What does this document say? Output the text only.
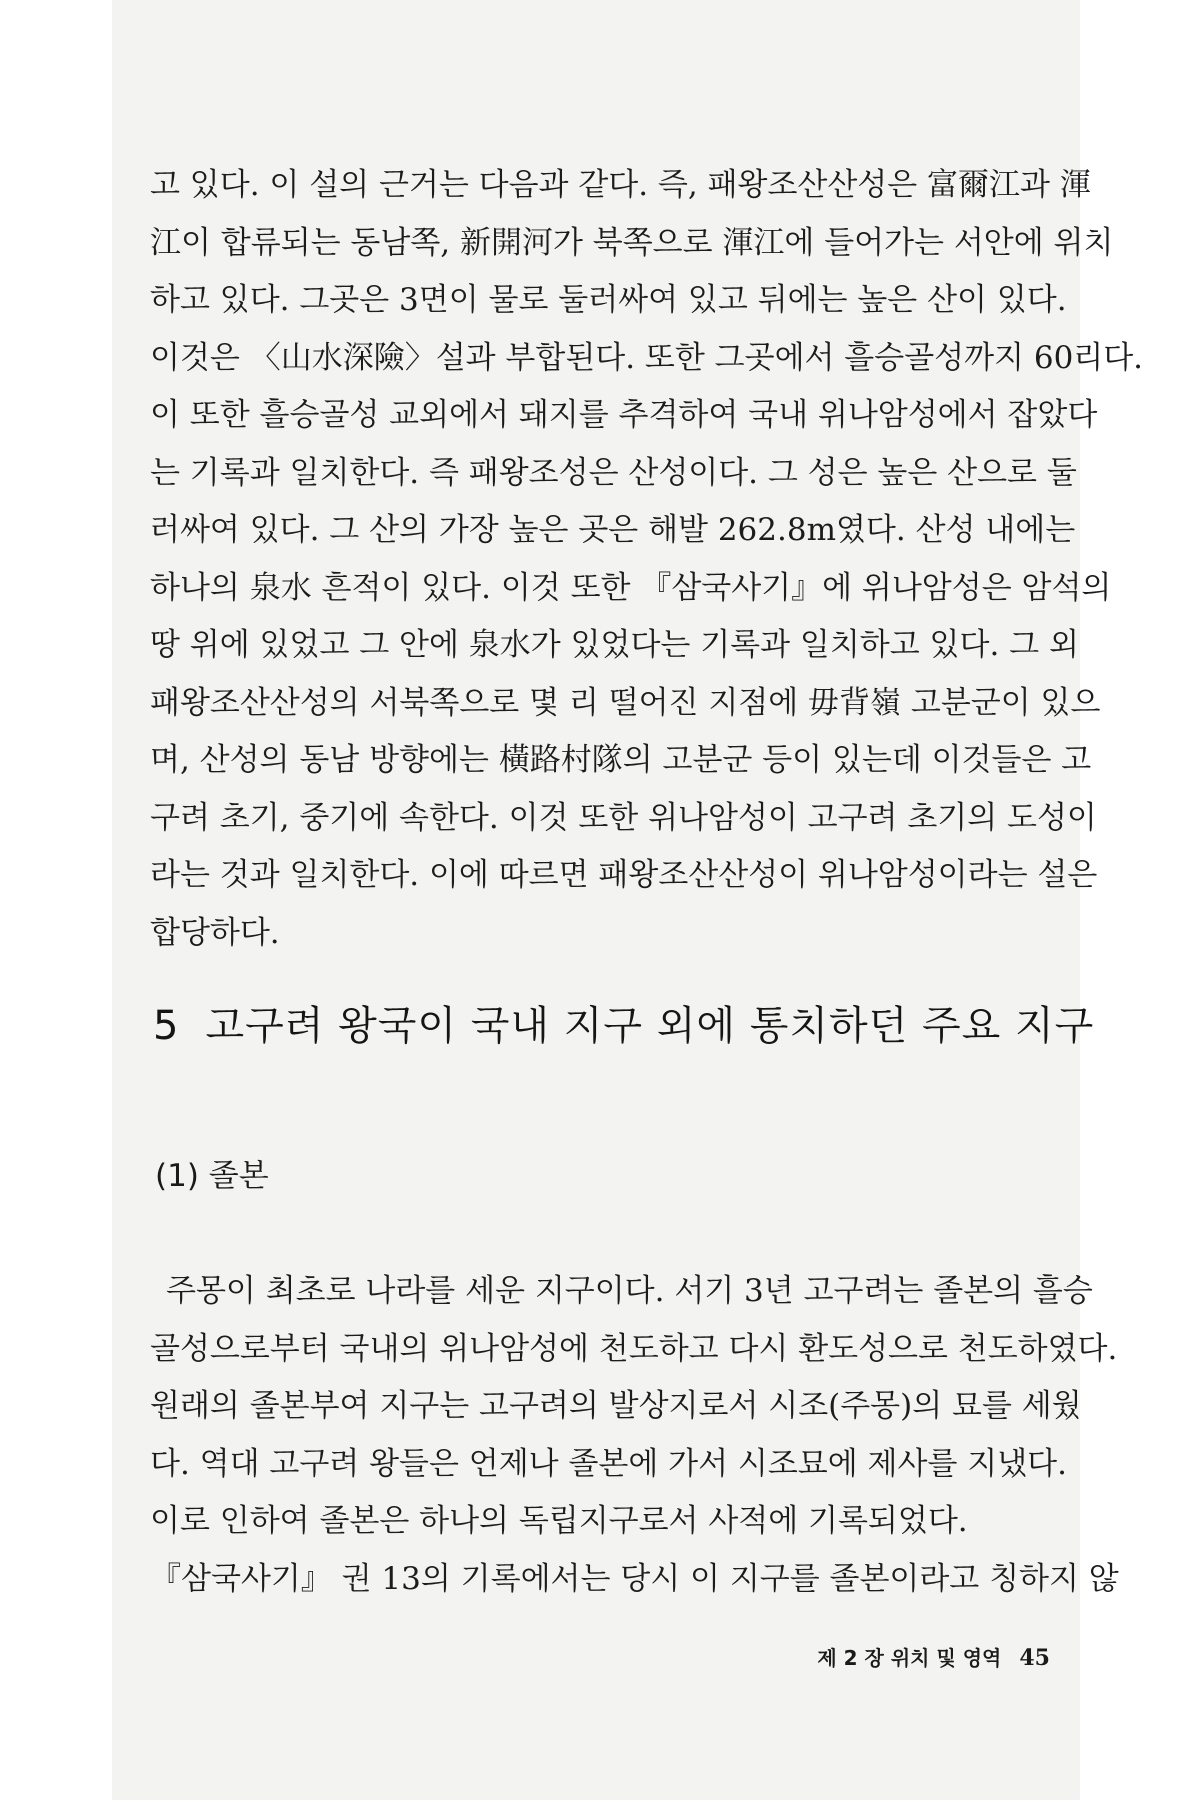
고 있다. 이 설의 근거는 다음과 같다. 즉, 패왕조산산성은 富爾江과 渾
江이 합류되는 동남쪽, 新開河가 북쪽으로 渾江에 들어가는 서안에 위치
하고 있다. 그곳은 3면이 물로 둘러싸여 있고 뒤에는 높은 산이 있다.
이것은 〈山水深險〉설과 부합된다. 또한 그곳에서 흘승골성까지 60리다.
이 또한 흘승골성 교외에서 돼지를 추격하여 국내 위나암성에서 잡았다
는 기록과 일치한다. 즉 패왕조성은 산성이다. 그 성은 높은 산으로 둘
러싸여 있다. 그 산의 가장 높은 곳은 해발 262.8m였다. 산성 내에는
하나의 泉水 흔적이 있다. 이것 또한 『삼국사기』에 위나암성은 암석의
땅 위에 있었고 그 안에 泉水가 있었다는 기록과 일치하고 있다. 그 외
패왕조산산성의 서북쪽으로 몇 리 떨어진 지점에 毋背嶺 고분군이 있으
며, 산성의 동남 방향에는 橫路村隊의 고분군 등이 있는데 이것들은 고
구려 초기, 중기에 속한다. 이것 또한 위나암성이 고구려 초기의 도성이
라는 것과 일치한다. 이에 따르면 패왕조산산성이 위나암성이라는 설은
합당하다.
5 고구려 왕국이 국내 지구 외에 통치하던 주요 지구
(1) 졸본
주몽이 최초로 나라를 세운 지구이다. 서기 3년 고구려는 졸본의 흘승
골성으로부터 국내의 위나암성에 천도하고 다시 환도성으로 천도하였다.
원래의 졸본부여 지구는 고구려의 발상지로서 시조(주몽)의 묘를 세웠
다. 역대 고구려 왕들은 언제나 졸본에 가서 시조묘에 제사를 지냈다.
이로 인하여 졸본은 하나의 독립지구로서 사적에 기록되었다.
『삼국사기』 권 13의 기록에서는 당시 이 지구를 졸본이라고 칭하지 않
제 2 장 위치 및 영역 45
